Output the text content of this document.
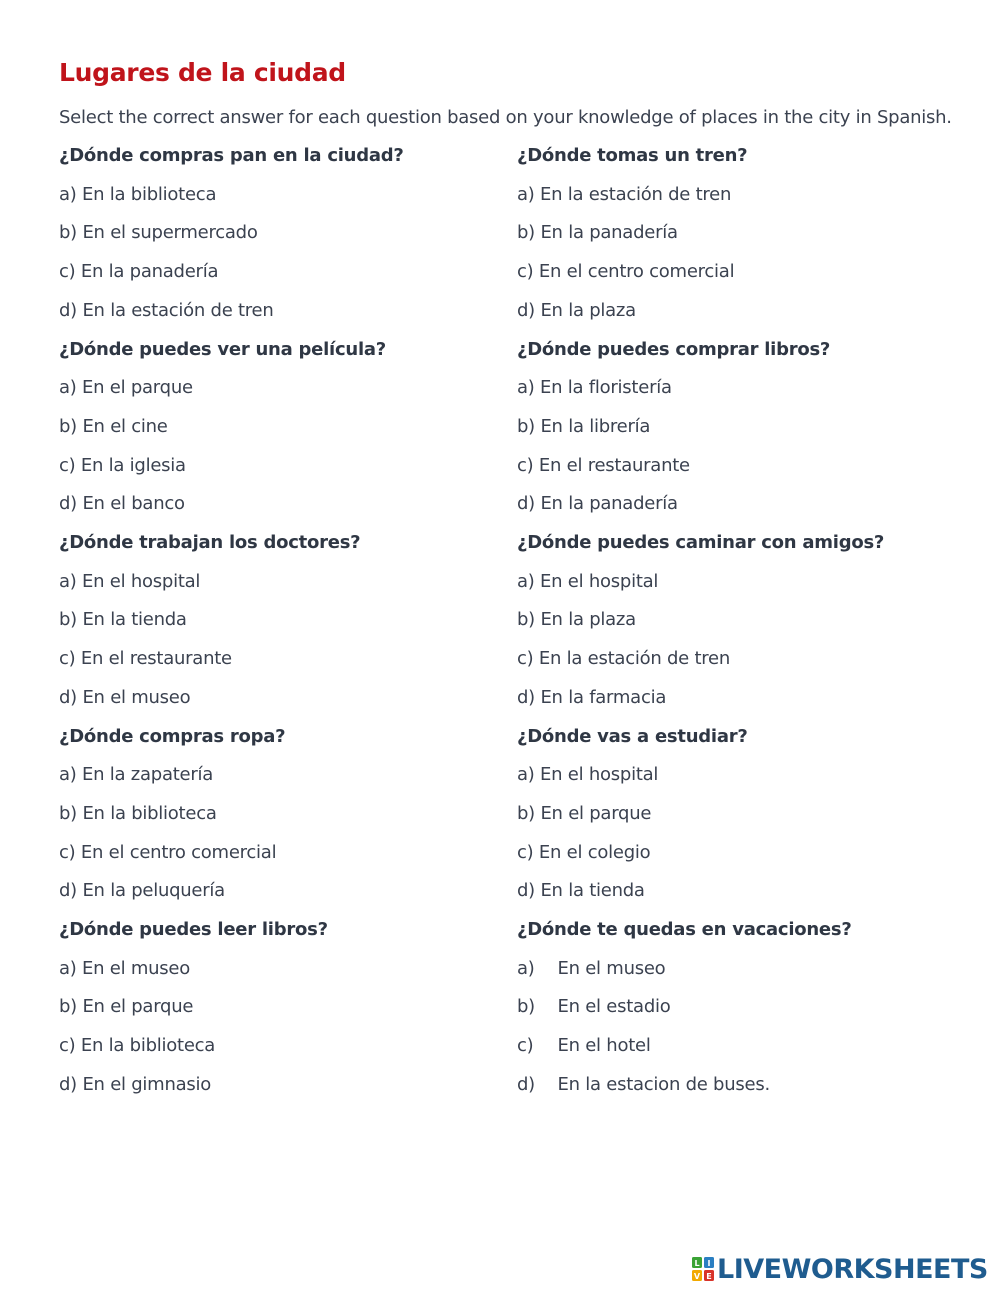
Lugares de la ciudad
Select the correct answer for each question based on your knowledge of places in the city in Spanish.
¿Dónde compras pan en la ciudad?
a) En la biblioteca
b) En el supermercado
c) En la panadería
d) En la estación de tren
¿Dónde puedes ver una película?
a) En el parque
b) En el cine
c) En la iglesia
d) En el banco
¿Dónde trabajan los doctores?
a) En el hospital
b) En la tienda
c) En el restaurante
d) En el museo
¿Dónde compras ropa?
a) En la zapatería
b) En la biblioteca
c) En el centro comercial
d) En la peluquería
¿Dónde puedes leer libros?
a) En el museo
b) En el parque
c) En la biblioteca
d) En el gimnasio
¿Dónde tomas un tren?
a) En la estación de tren
b) En la panadería
c) En el centro comercial
d) En la plaza
¿Dónde puedes comprar libros?
a) En la floristería
b) En la librería
c) En el restaurante
d) En la panadería
¿Dónde puedes caminar con amigos?
a) En el hospital
b) En la plaza
c) En la estación de tren
d) En la farmacia
¿Dónde vas a estudiar?
a) En el hospital
b) En el parque
c) En el colegio
d) En la tienda
¿Dónde te quedas en vacaciones?
a) En el museo
b) En el estadio
c) En el hotel
d) En la estacion de buses.
L I
V E LIVEWORKSHEETS
